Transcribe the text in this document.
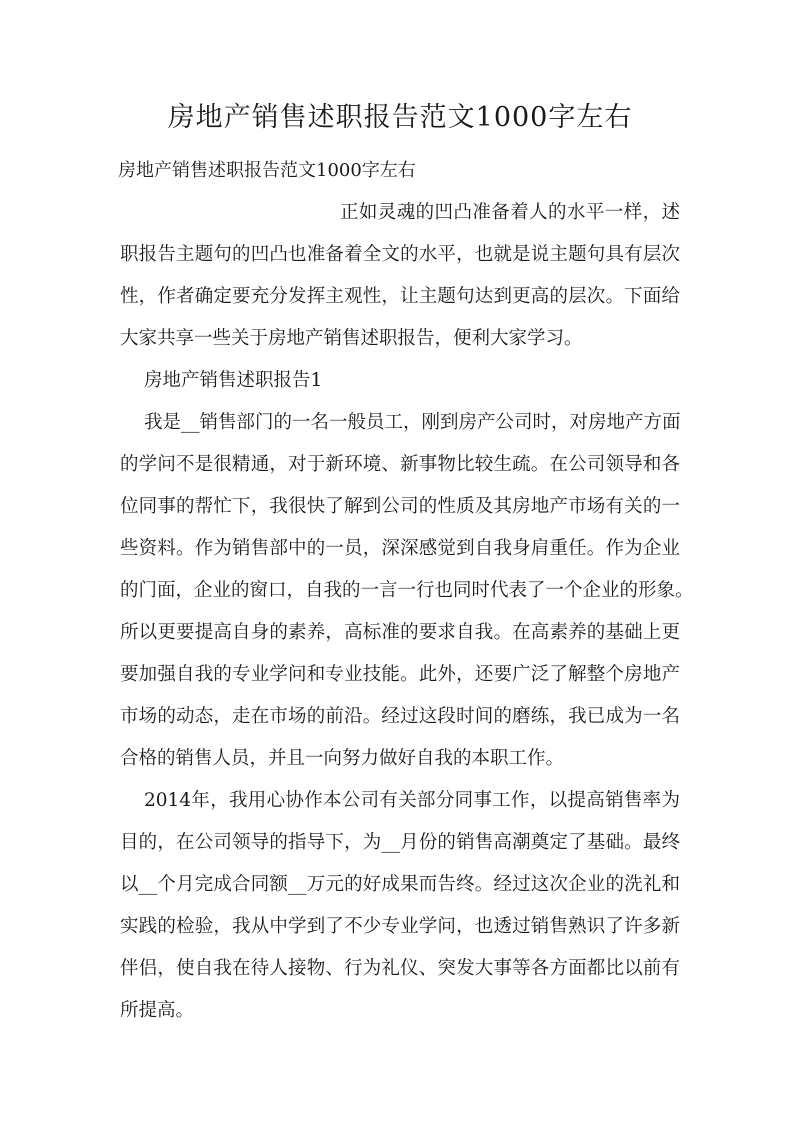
房地产销售述职报告范文1000字左右
房地产销售述职报告范文1000字左右
正如灵魂的凹凸准备着人的水平一样，述
职报告主题句的凹凸也准备着全文的水平，也就是说主题句具有层次
性，作者确定要充分发挥主观性，让主题句达到更高的层次。下面给
大家共享一些关于房地产销售述职报告，便利大家学习。
房地产销售述职报告1
我是__销售部门的一名一般员工，刚到房产公司时，对房地产方面
的学问不是很精通，对于新环境、新事物比较生疏。在公司领导和各
位同事的帮忙下，我很快了解到公司的性质及其房地产市场有关的一
些资料。作为销售部中的一员，深深感觉到自我身肩重任。作为企业
的门面，企业的窗口，自我的一言一行也同时代表了一个企业的形象。
所以更要提高自身的素养，高标准的要求自我。在高素养的基础上更
要加强自我的专业学问和专业技能。此外，还要广泛了解整个房地产
市场的动态，走在市场的前沿。经过这段时间的磨练，我已成为一名
合格的销售人员，并且一向努力做好自我的本职工作。
2014年，我用心协作本公司有关部分同事工作，以提高销售率为
目的，在公司领导的指导下，为__月份的销售高潮奠定了基础。最终
以__个月完成合同额__万元的好成果而告终。经过这次企业的洗礼和
实践的检验，我从中学到了不少专业学问，也透过销售熟识了许多新
伴侣，使自我在待人接物、行为礼仪、突发大事等各方面都比以前有
所提高。
